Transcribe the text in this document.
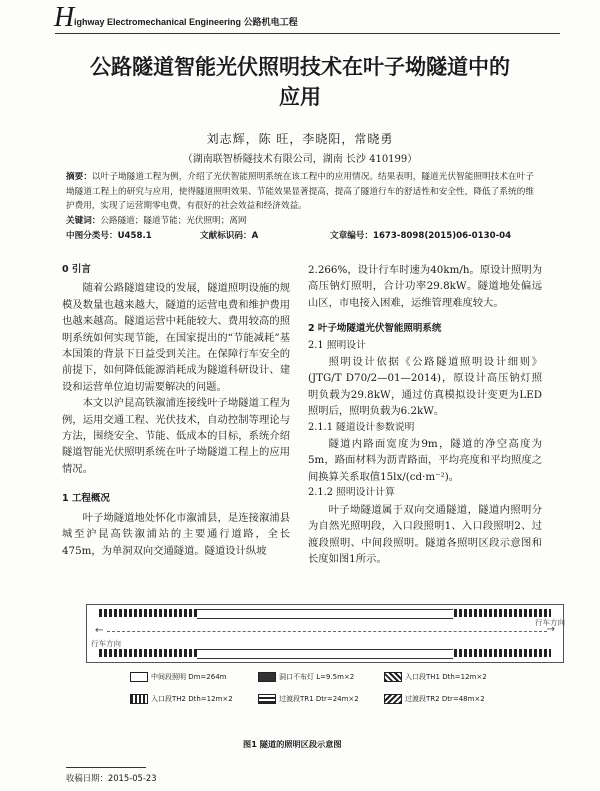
H ighway Electromechanical Engineering 公路机电工程
公路隧道智能光伏照明技术在叶子坳隧道中的
应用
刘志辉，陈 旺，李晓阳，常晓勇
（湖南联智桥隧技术有限公司，湖南 长沙 410199）
摘要：以叶子坳隧道工程为例，介绍了光伏智能照明系统在该工程中的应用情况。结果表明，隧道光伏智能照明技术在叶子坳隧道工程上的研究与应用，使得隧道照明效果、节能效果显著提高，提高了隧道行车的舒适性和安全性，降低了系统的维护费用，实现了运营期零电费，有很好的社会效益和经济效益。
关键词：公路隧道；隧道节能；光伏照明；离网
中图分类号：U458.1	文献标识码：A	文章编号：1673-8098(2015)06-0130-04
0 引言

随着公路隧道建设的发展，隧道照明设施的规模及数量也越来越大，隧道的运营电费和维护费用也越来越高。隧道运营中耗能较大、费用较高的照明系统如何实现节能，在国家提出的“节能减耗”基本国策的背景下日益受到关注。在保障行车安全的前提下，如何降低能源消耗成为隧道科研设计、建设和运营单位迫切需要解决的问题。

本文以沪昆高铁溆浦连接线叶子坳隧道工程为例，运用交通工程、光伏技术，自动控制等理论与方法，围绕安全、节能、低成本的目标，系统介绍隧道智能光伏照明系统在叶子坳隧道工程上的应用情况。

1 工程概况

叶子坳隧道地处怀化市溆浦县，是连接溆浦县城至沪昆高铁溆浦站的主要通行道路，全长475m，为单洞双向交通隧道。隧道设计纵坡

2.266%，设计行车时速为40km/h。原设计照明为高压钠灯照明，合计功率29.8kW。隧道地处偏远山区，市电接入困难，运维管理难度较大。

2 叶子坳隧道光伏智能照明系统
2.1 照明设计

照明设计依据《公路隧道照明设计细则》(JTG/T D70/2—01—2014)，原设计高压钠灯照明负载为29.8kW，通过仿真模拟设计变更为LED照明后，照明负载为6.2kW。

2.1.1 隧道设计参数说明

隧道内路面宽度为9m，隧道的净空高度为5m，路面材料为沥青路面，平均亮度和平均照度之间换算关系取值15lx/(cd·m⁻²)。

2.1.2 照明设计计算

叶子坳隧道属于双向交通隧道，隧道内照明分为自然光照明段，入口段照明1、入口段照明2、过渡段照明、中间段照明。隧道各照明区段示意图和长度如图1所示。

行车方向
行车方向
→
←
中间段照明 Dm=264m	洞口不布灯 L=9.5m×2	入口段TH1 Dth=12m×2
入口段TH2 Dth=12m×2	过渡段TR1 Dtr=24m×2	过渡段TR2 Dtr=48m×2
图1 隧道的照明区段示意图
收稿日期：2015-05-23
